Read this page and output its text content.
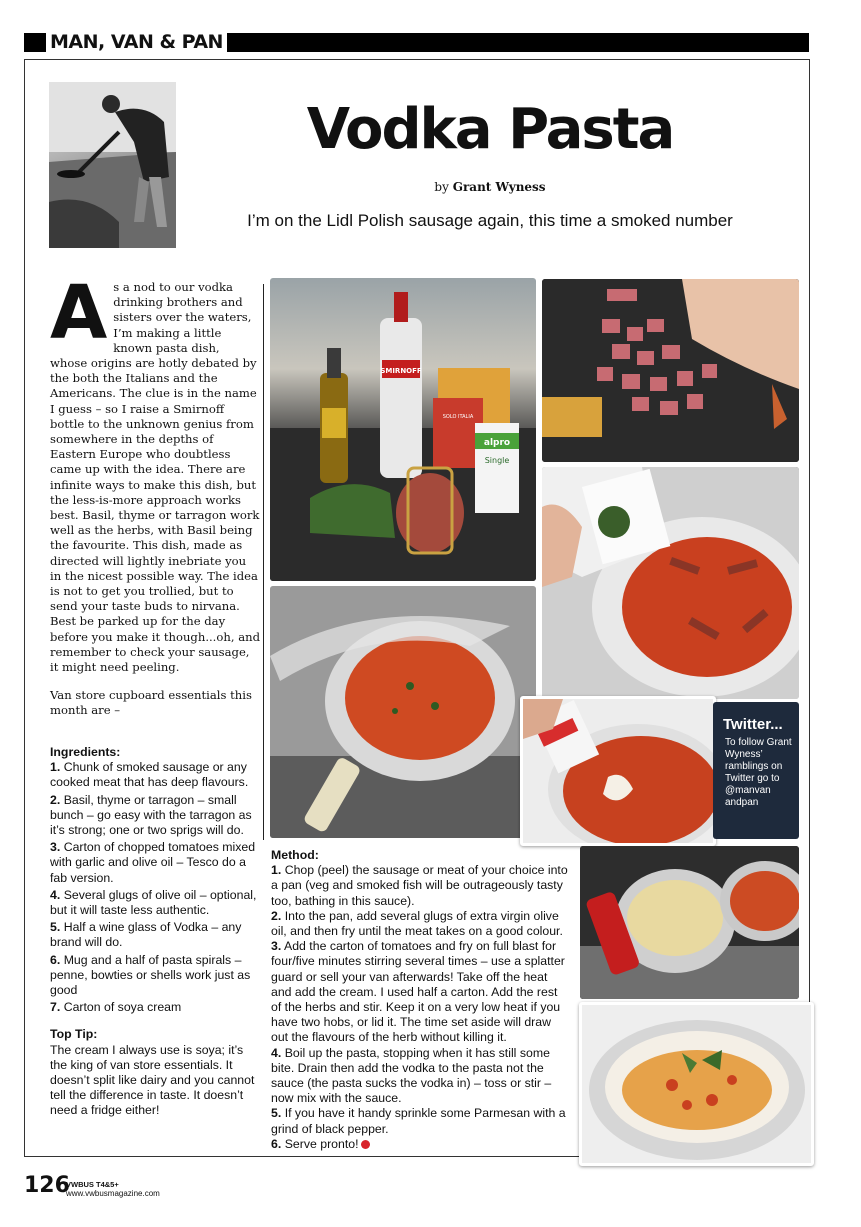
MAN, VAN & PAN
Vodka Pasta
by Grant Wyness
I’m on the Lidl Polish sausage again, this time a smoked number

As a nod to our vodka drinking brothers and sisters over the waters, I’m making a little known pasta dish, whose origins are hotly debated by the both the Italians and the Americans. The clue is in the name I guess – so I raise a Smirnoff bottle to the unknown genius from somewhere in the depths of Eastern Europe who doubtless came up with the idea. There are infinite ways to make this dish, but the less-is-more approach works best. Basil, thyme or tarragon work well as the herbs, with Basil being the favourite. This dish, made as directed will lightly inebriate you in the nicest possible way. The idea is not to get you trollied, but to send your taste buds to nirvana. Best be parked up for the day before you make it though...oh, and remember to check your sausage, it might need peeling.

Van store cupboard essentials this month are –

Ingredients:
1. Chunk of smoked sausage or any cooked meat that has deep flavours.
2. Basil, thyme or tarragon – small bunch – go easy with the tarragon as it’s strong; one or two sprigs will do.
3. Carton of chopped tomatoes mixed with garlic and olive oil – Tesco do a fab version.
4. Several glugs of olive oil – optional, but it will taste less authentic.
5. Half a wine glass of Vodka – any brand will do.
6. Mug and a half of pasta spirals – penne, bowties or shells work just as good
7. Carton of soya cream
Top Tip:
The cream I always use is soya; it’s the king of van store essentials. It doesn’t split like dairy and you cannot tell the difference in taste. It doesn’t need a fridge either!
SMIRNOFF
SOLO ITALIA
alpro
Single
Twitter...
To follow Grant Wyness’ ramblings on Twitter go to @manvan andpan
Method:

1. Chop (peel) the sausage or meat of your choice into a pan (veg and smoked fish will be outrageously tasty too, bathing in this sauce).

2. Into the pan, add several glugs of extra virgin olive oil, and then fry until the meat takes on a good colour.

3. Add the carton of tomatoes and fry on full blast for four/five minutes stirring several times – use a splatter guard or sell your van afterwards! Take off the heat and add the cream. I used half a carton. Add the rest of the herbs and stir. Keep it on a very low heat if you have two hobs, or lid it. The time set aside will draw out the flavours of the herb without killing it.

4. Boil up the pasta, stopping when it has still some bite. Drain then add the vodka to the pasta not the sauce (the pasta sucks the vodka in) – toss or stir – now mix with the sauce.

5. If you have it handy sprinkle some Parmesan with a grind of black pepper.

6. Serve pronto!

126
VWBUS T4&5+
www.vwbusmagazine.com
